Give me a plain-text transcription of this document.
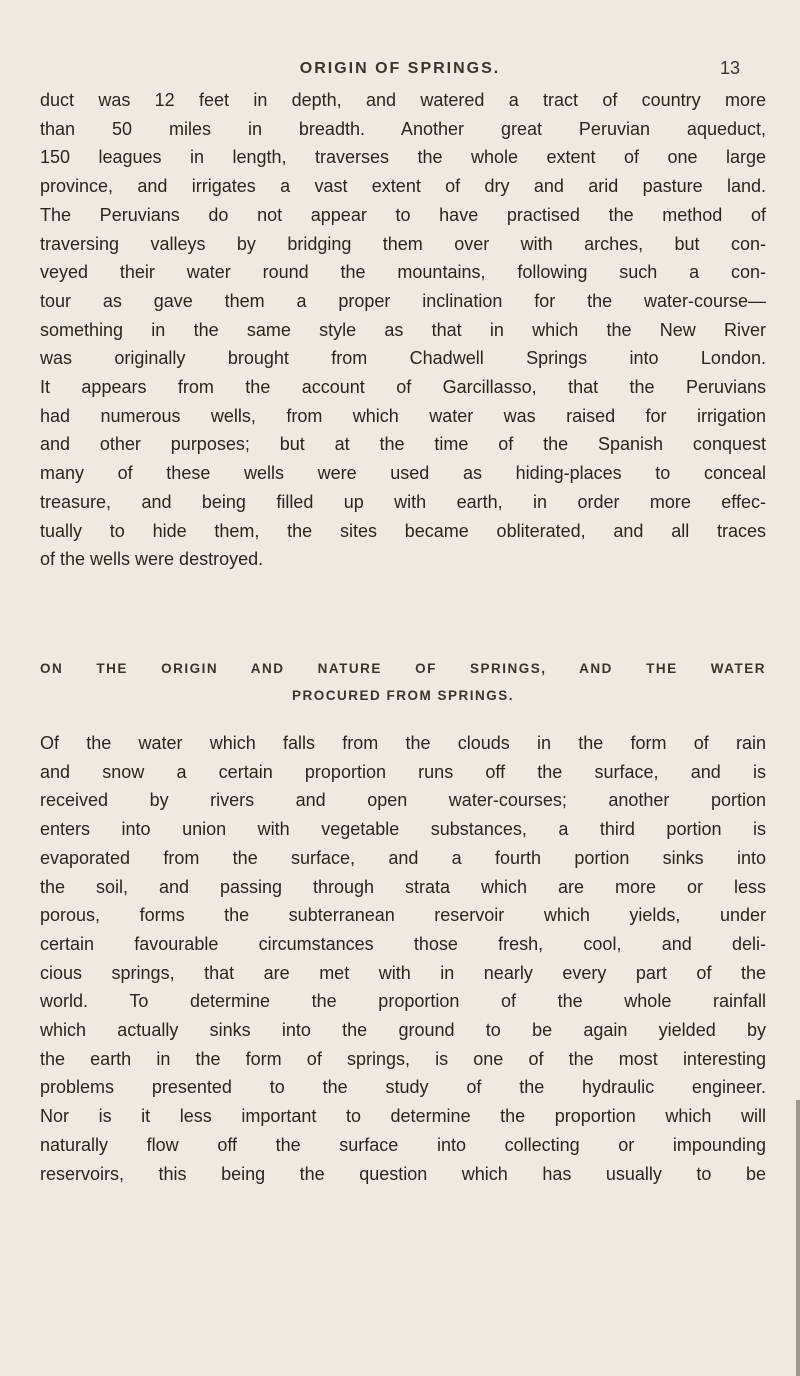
ORIGIN OF SPRINGS.	13
duct was 12 feet in depth, and watered a tract of country more
than 50 miles in breadth. Another great Peruvian aqueduct,
150 leagues in length, traverses the whole extent of one large
province, and irrigates a vast extent of dry and arid pasture land.
The Peruvians do not appear to have practised the method of
traversing valleys by bridging them over with arches, but con-
veyed their water round the mountains, following such a con-
tour as gave them a proper inclination for the water-course—
something in the same style as that in which the New River
was originally brought from Chadwell Springs into London.
It appears from the account of Garcillasso, that the Peruvians
had numerous wells, from which water was raised for irrigation
and other purposes; but at the time of the Spanish conquest
many of these wells were used as hiding-places to conceal
treasure, and being filled up with earth, in order more effec-
tually to hide them, the sites became obliterated, and all traces
of the wells were destroyed.
ON THE ORIGIN AND NATURE OF SPRINGS, AND THE WATER
PROCURED FROM SPRINGS.
Of the water which falls from the clouds in the form of rain
and snow a certain proportion runs off the surface, and is
received by rivers and open water-courses; another portion
enters into union with vegetable substances, a third portion is
evaporated from the surface, and a fourth portion sinks into
the soil, and passing through strata which are more or less
porous, forms the subterranean reservoir which yields, under
certain favourable circumstances those fresh, cool, and deli-
cious springs, that are met with in nearly every part of the
world. To determine the proportion of the whole rainfall
which actually sinks into the ground to be again yielded by
the earth in the form of springs, is one of the most interesting
problems presented to the study of the hydraulic engineer.
Nor is it less important to determine the proportion which will
naturally flow off the surface into collecting or impounding
reservoirs, this being the question which has usually to be
